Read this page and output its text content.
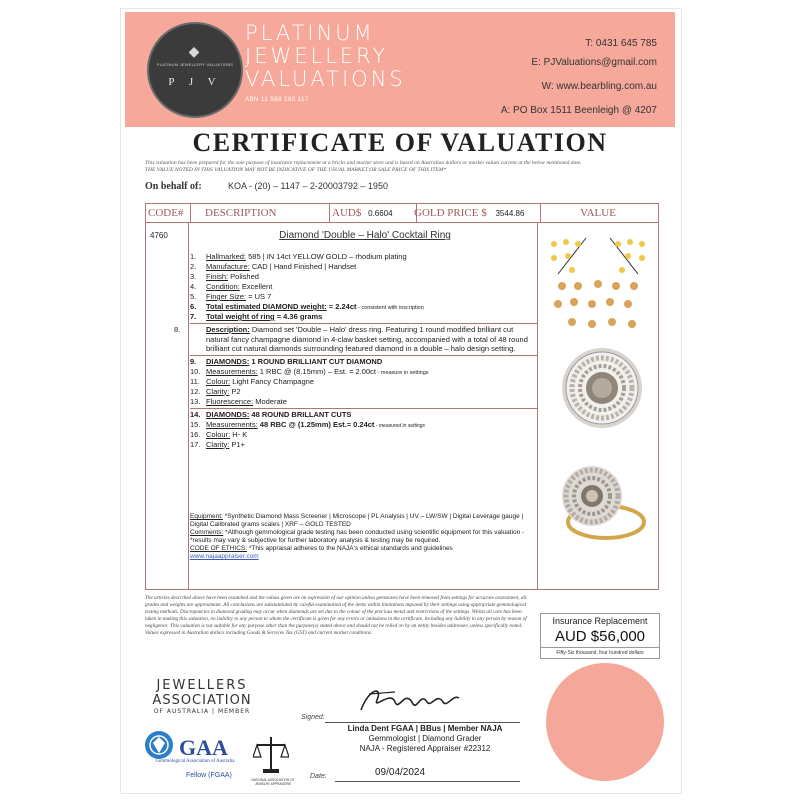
◆
PLATINUM JEWELLERY VALUATIONS
P J V
PLATINUM
JEWELLERY
VALUATIONS
ABN 11 588 192 117
T: 0431 645 785
E: PJValuations@gmail.com
W: www.bearbling.com.au
A: PO Box 1511 Beenleigh @ 4207
CERTIFICATE OF VALUATION
This valuation has been prepared for the sole purpose of insurance replacement at a bricks and mortar store and is based on Australian dollars or market values current at the below mentioned date.
THE VALUE NOTED IN THIS VALUATION MAY NOT BE INDICATIVE OF THE USUAL MARKET OR SALE PRICE OF THIS ITEM*
On behalf of:	KOA - (20) – 1147 – 2-20003792 – 1950
CODE#	DESCRIPTION	AUD$ 0.6604	GOLD PRICE $ 3544.86	VALUE
4760	Diamond 'Double – Halo' Cocktail Ring
1. Hallmarked: 585 | IN 14ct YELLOW GOLD – rhodium plating
2. Manufacture: CAD | Hand Finished | Handset
3. Finish: Polished
4. Condition: Excellent
5. Finger Size: = US 7
6. Total estimated DIAMOND weight: = 2.24ct - consistent with inscription
7. Total weight of ring = 4.36 grams
8.	Description: Diamond set 'Double – Halo' dress ring. Featuring 1 round modified brilliant cut natural fancy champagne diamond in 4-claw basket setting, accompanied with a total of 48 round brilliant cut natural diamonds surrounding featured diamond in a double – halo design setting.
9. DIAMONDS: 1 ROUND BRILLIANT CUT DIAMOND
10. Measurements: 1 RBC @ (8.15mm) – Est. = 2.00ct - measure in settings
11. Colour: Light Fancy Champagne
12. Clarity: P2
13. Fluorescence: Moderate
14. DIAMONDS: 48 ROUND BRILLANT CUTS
15. Measurements: 48 RBC @ (1.25mm) Est.= 0.24ct - measured in settings
16. Colour: H- K
17. Clarity: P1+
Equipment: *Synthetic Diamond Mass Screener | Microscope | PL Analysis | UV – LW/SW | Digital Leverage gauge | Digital Calibrated grams scales | XRF – GOLD TESTED
Comments: *Although gemmological grade testing has been conducted using scientific equipment for this valuation - *results may vary & subjective for further laboratory analysis & testing may be required.
CODE OF ETHICS: *This appraisal adheres to the NAJA's ethical standards and guidelines
www.najaappraiser.com
The articles described above have been examined and the values given are an expression of our opinion unless gemstones have been removed from settings for accurate assessment, all grades and weights are approximate. All conclusions are substantiated by careful examination of the items within limitations imposed by their settings using appropriate gemmological testing methods. Discrepancies in diamond grading may occur when diamonds are set due to the colour of the precious metal and restrictions of the settings. Whilst all care has been taken in making this valuation, no liability to any person to whom the certificate is given for any errors or omissions in the certificate, including any liability to any person by reason of negligence. This valuation is not suitable for any purpose other than the purpose(s) stated above and should not be relied on by an entity besides addressee, unless specifically noted. Values expressed in Australian dollars including Goods & Services Tax (GST) and current market conditions.
Insurance Replacement
AUD $56,000
Fifty-Six thousand, four hundred dollars
JEWELLERS
ASSOCIATION
OF AUSTRALIA | MEMBER
Signed:
Linda Dent FGAA | BBus | Member NAJA
Gemmologist | Diamond Grader
NAJA - Registered Appraiser #22312
GAA
Gemmological Association of Australia
Fellow (FGAA)
NATIONAL ASSOCIATION OF JEWELRY APPRAISERS
Date:	09/04/2024
